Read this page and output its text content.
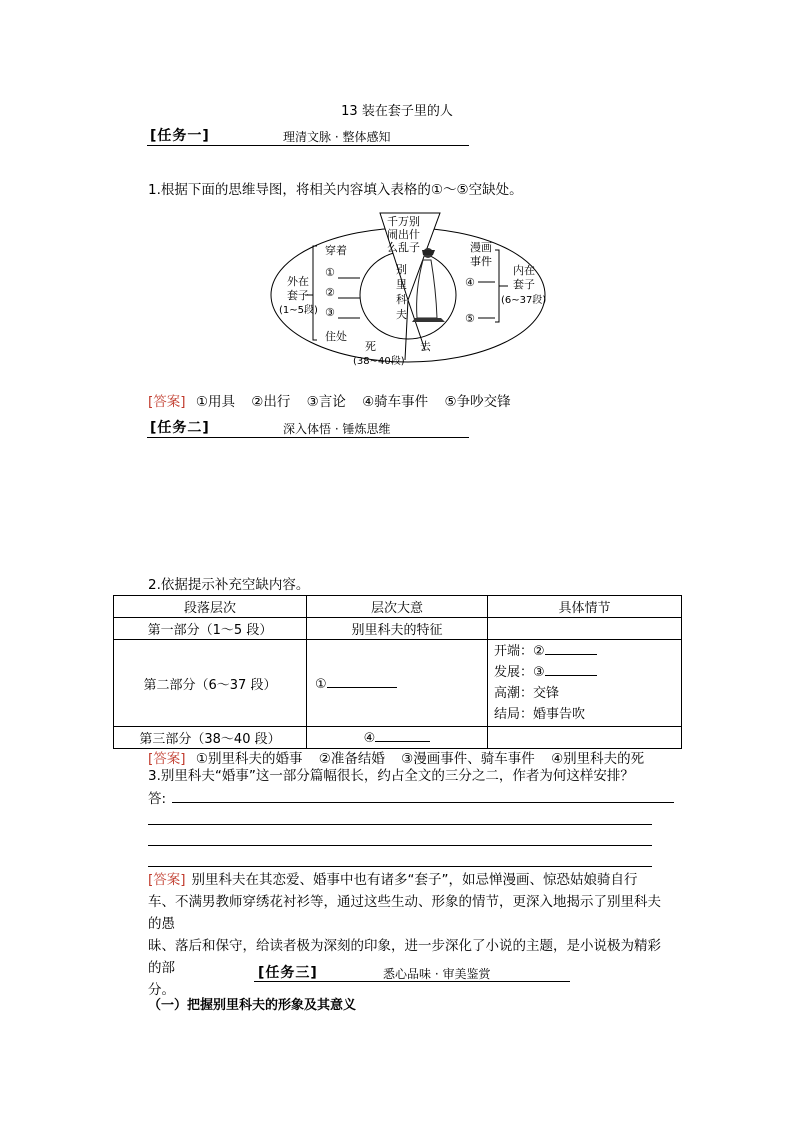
13 装在套子里的人
[任务一]	理清文脉 · 整体感知
1.根据下面的思维导图，将相关内容填入表格的①～⑤空缺处。
千万别
闹出什
么乱子
外在
套子
(1~5段)
穿着
①
②
③
住处
别
里
科
夫
漫画
事件
④
⑤
内在
套子
(6~37段)
死
(38~40段)
去
[答案] ①用具 ②出行 ③言论 ④骑车事件 ⑤争吵交锋
[任务二]	深入体悟 · 锤炼思维
2.依据提示补充空缺内容。
段落层次	层次大意	具体情节
第一部分（1～5 段）	别里科夫的特征	
第二部分（6～37 段）	①	开端：②
发展：③
高潮：交锋
结局：婚事告吹

第三部分（38～40 段）	④	
[答案] ①别里科夫的婚事 ②准备结婚 ③漫画事件、骑车事件 ④别里科夫的死
3.别里科夫“婚事”这一部分篇幅很长，约占全文的三分之二，作者为何这样安排？
答:
[答案] 别里科夫在其恋爱、婚事中也有诸多“套子”，如忌惮漫画、惊恐姑娘骑自行
车、不满男教师穿绣花衬衫等，通过这些生动、形象的情节，更深入地揭示了别里科夫的愚
昧、落后和保守，给读者极为深刻的印象，进一步深化了小说的主题，是小说极为精彩的部
分。
[任务三]	悉心品味 · 审美鉴赏
（一）把握别里科夫的形象及其意义
